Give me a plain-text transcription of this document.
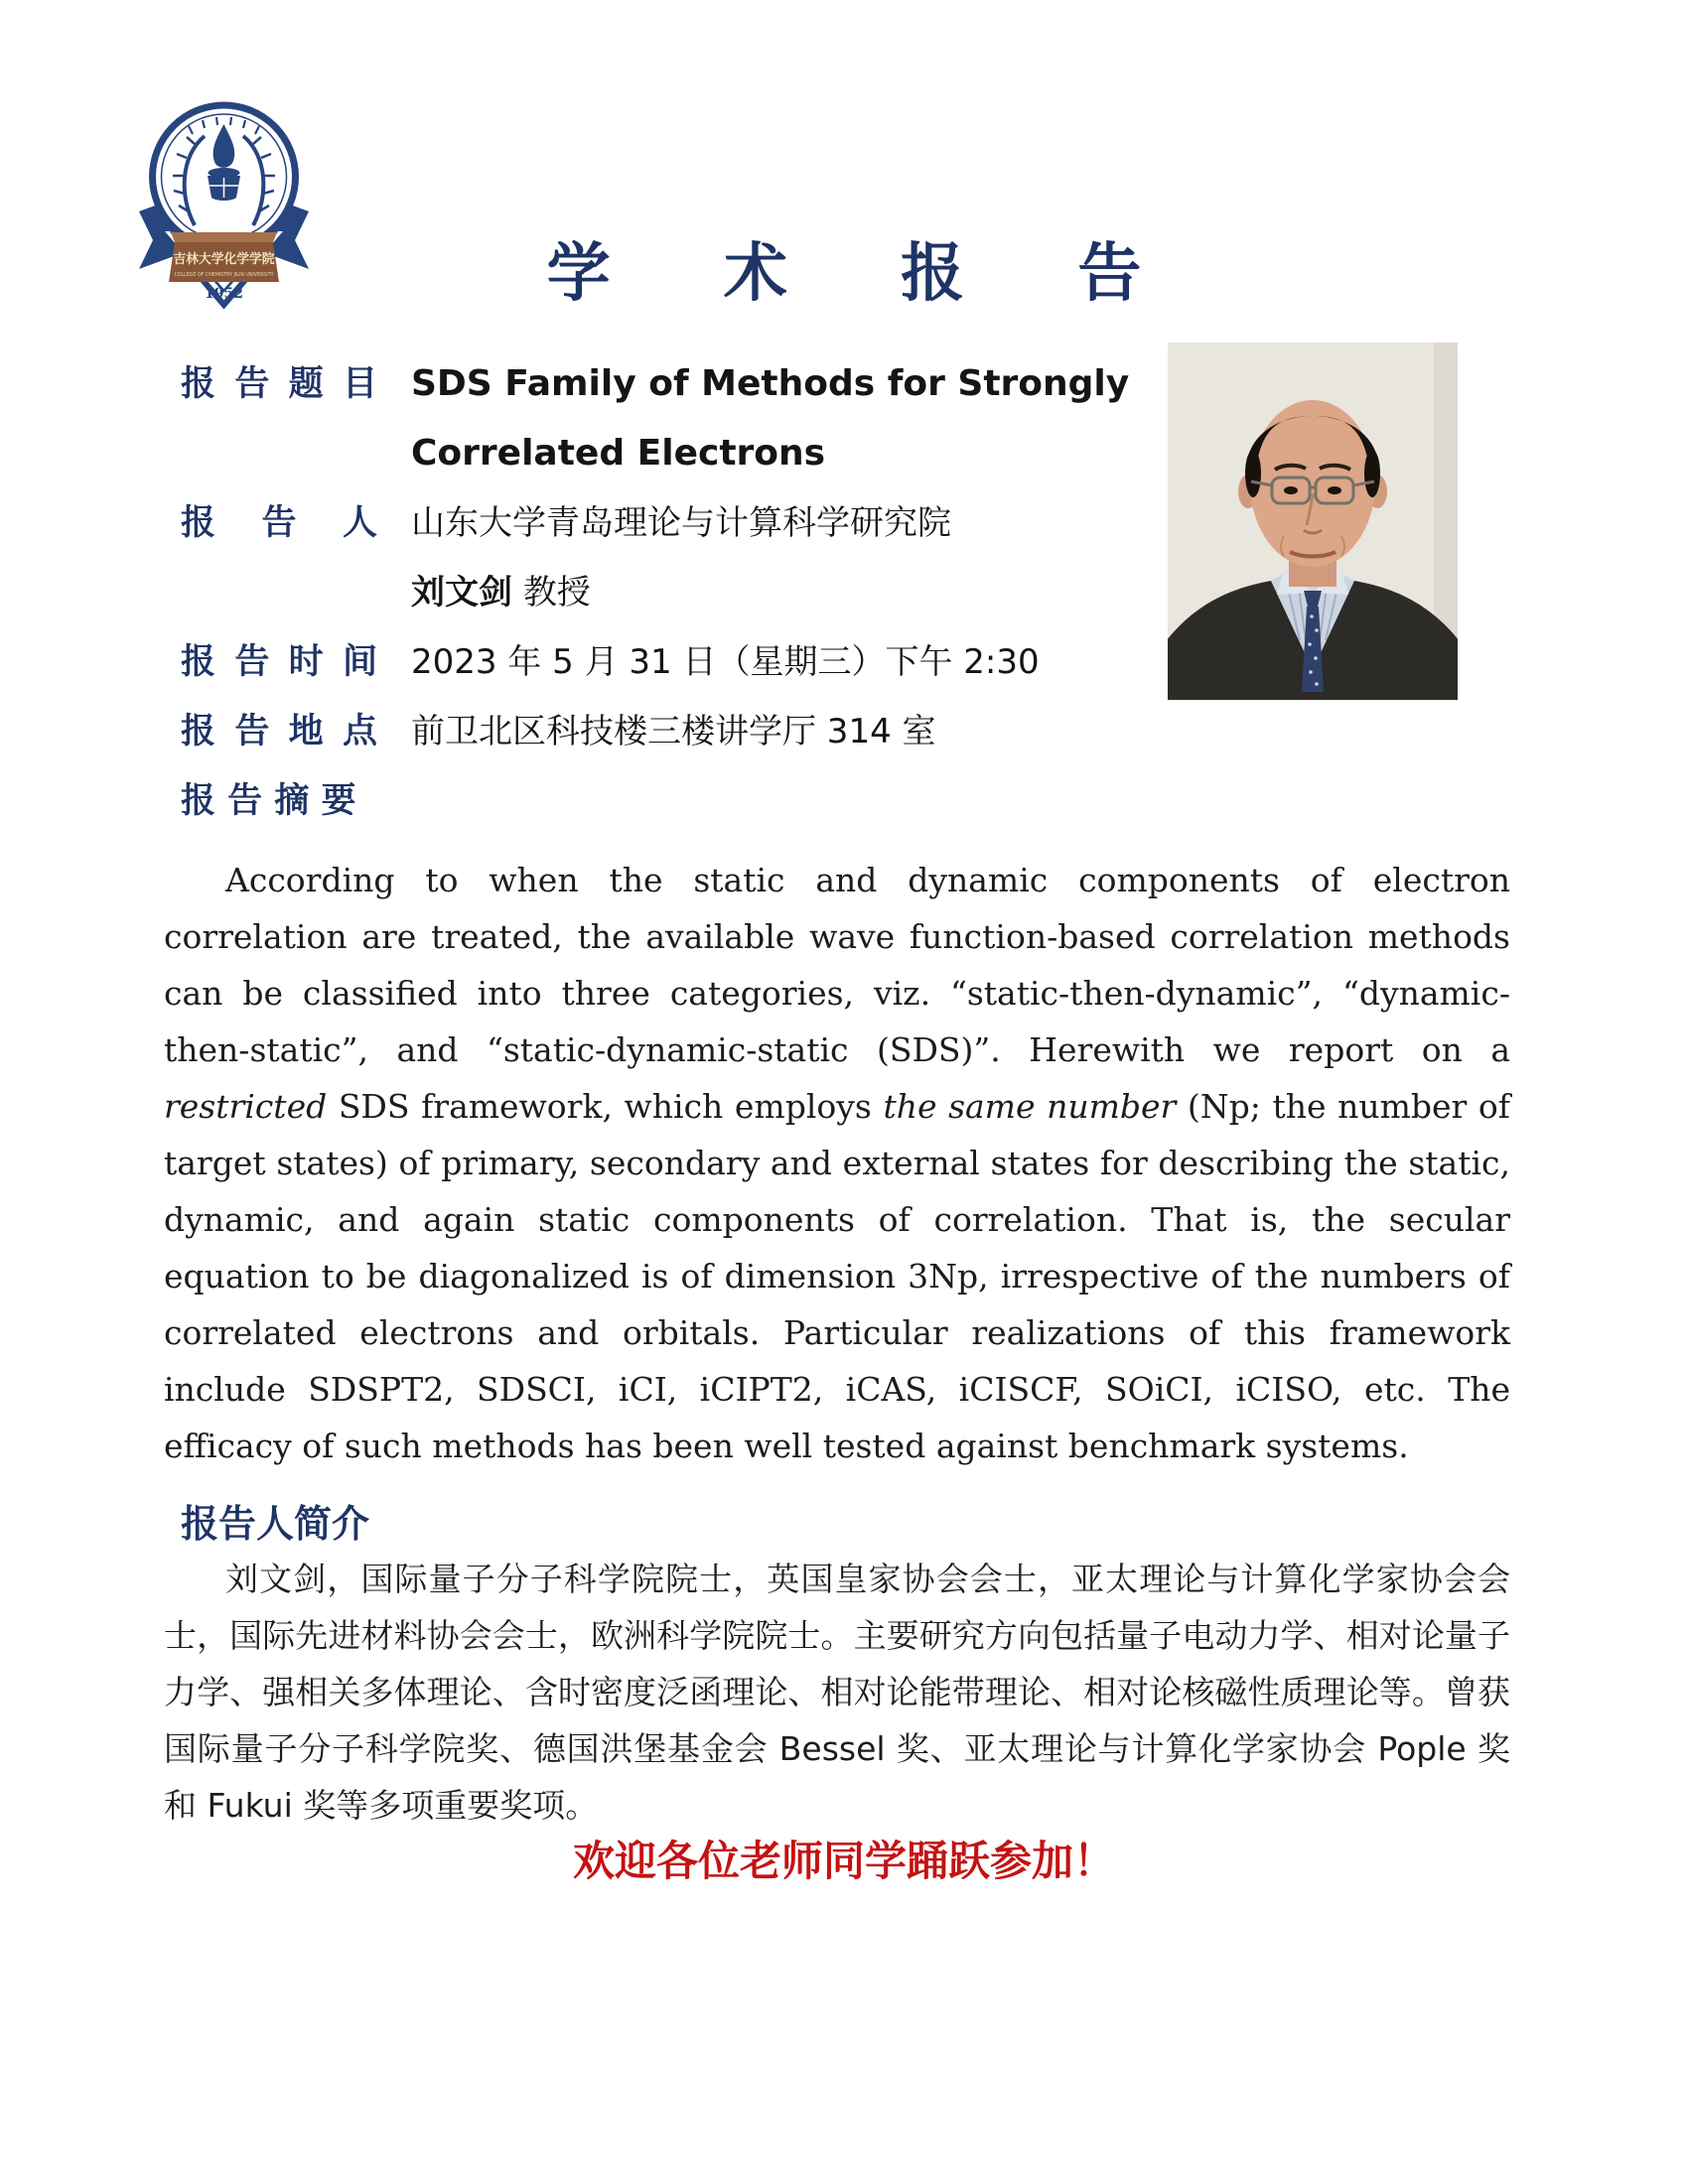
1952
吉林大学化学学院
COLLEGE OF CHEMISTRY JILIN UNIVERSITY	学 术 报 告
报 告 题 目 SDS Family of Methods for Strongly
Correlated Electrons
报 告 人 山东大学青岛理论与计算科学研究院
刘文剑 教授
报 告 时 间 2023 年 5 月 31 日（星期三）下午 2:30
报 告 地 点 前卫北区科技楼三楼讲学厅 314 室
报 告 摘 要
According to when the static and dynamic components of electron correlation are treated, the available wave function-based correlation methods can be classified into three categories, viz. “static-then-dynamic”, “dynamic-then-static”, and “static-dynamic-static (SDS)”. Herewith we report on a restricted SDS framework, which employs the same number (Np; the number of target states) of primary, secondary and external states for describing the static, dynamic, and again static components of correlation. That is, the secular equation to be diagonalized is of dimension 3Np, irrespective of the numbers of correlated electrons and orbitals. Particular realizations of this framework include SDSPT2, SDSCI, iCI, iCIPT2, iCAS, iCISCF, SOiCI, iCISO, etc. The efficacy of such methods has been well tested against benchmark systems.
报告人简介
刘文剑，国际量子分子科学院院士，英国皇家协会会士，亚太理论与计算化学家协会会士，国际先进材料协会会士，欧洲科学院院士。主要研究方向包括量子电动力学、相对论量子力学、强相关多体理论、含时密度泛函理论、相对论能带理论、相对论核磁性质理论等。曾获国际量子分子科学院奖、德国洪堡基金会 Bessel 奖、亚太理论与计算化学家协会 Pople 奖和 Fukui 奖等多项重要奖项。
欢迎各位老师同学踊跃参加！
